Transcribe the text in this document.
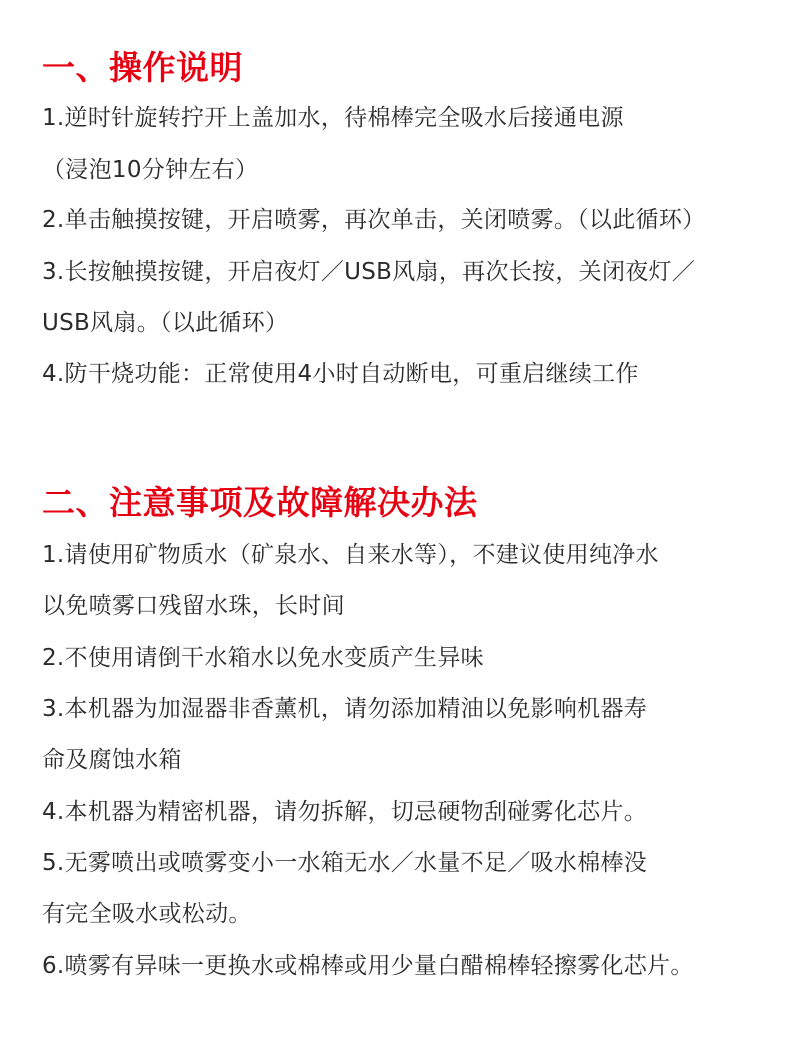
一、操作说明
1.逆时针旋转拧开上盖加水，待棉棒完全吸水后接通电源
（浸泡10分钟左右）
2.单击触摸按键，开启喷雾，再次单击，关闭喷雾。（以此循环）
3.长按触摸按键，开启夜灯／USB风扇，再次长按，关闭夜灯／
USB风扇。（以此循环）
4.防干烧功能：正常使用4小时自动断电，可重启继续工作
二、注意事项及故障解决办法
1.请使用矿物质水（矿泉水、自来水等），不建议使用纯净水
以免喷雾口残留水珠，长时间
2.不使用请倒干水箱水以免水变质产生异味
3.本机器为加湿器非香薰机，请勿添加精油以免影响机器寿
命及腐蚀水箱
4.本机器为精密机器，请勿拆解，切忌硬物刮碰雾化芯片。
5.无雾喷出或喷雾变小一水箱无水／水量不足／吸水棉棒没
有完全吸水或松动。
6.喷雾有异味一更换水或棉棒或用少量白醋棉棒轻擦雾化芯片。
